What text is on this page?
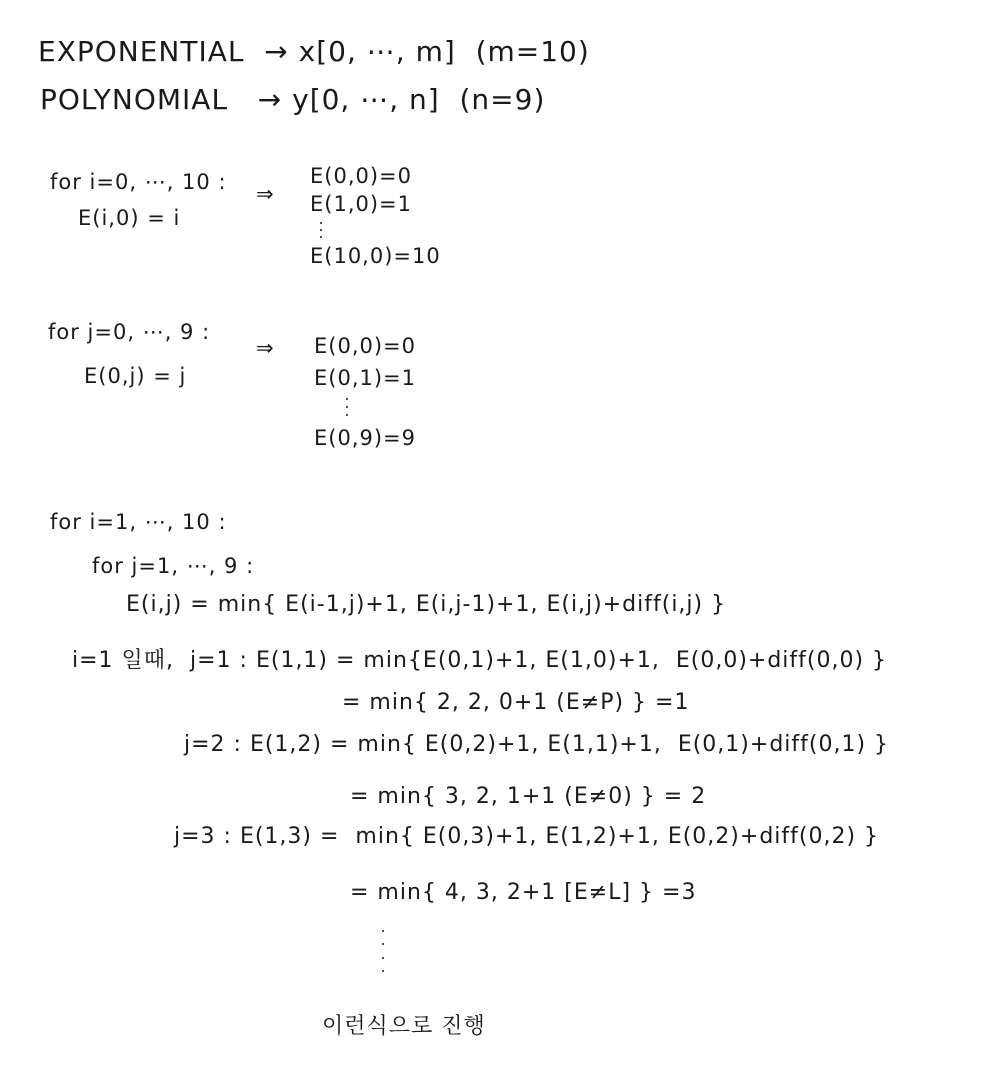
EXPONENTIAL  → x[0, ⋯, m]  (m=10)
POLYNOMIAL   → y[0, ⋯, n]  (n=9)
for i=0, ⋯, 10 :
E(i,0) = i
⇒
E(0,0)=0
E(1,0)=1
E(10,0)=10
for j=0, ⋯, 9 :
E(0,j) = j
⇒ E(0,0)=0
E(0,1)=1
E(0,9)=9
for i=1, ⋯, 10 :
for j=1, ⋯, 9 :
E(i,j) = min{ E(i-1,j)+1, E(i,j-1)+1, E(i,j)+diff(i,j) }
i=1 일때,  j=1 : E(1,1) = min{E(0,1)+1, E(1,0)+1,  E(0,0)+diff(0,0) }
= min{ 2, 2, 0+1 (E≠P) } =1
j=2 : E(1,2) = min{ E(0,2)+1, E(1,1)+1,  E(0,1)+diff(0,1) }
= min{ 3, 2, 1+1 (E≠0) } = 2
j=3 : E(1,3) =  min{ E(0,3)+1, E(1,2)+1, E(0,2)+diff(0,2) }
= min{ 4, 3, 2+1 [E≠L] } =3
이런식으로 진행
